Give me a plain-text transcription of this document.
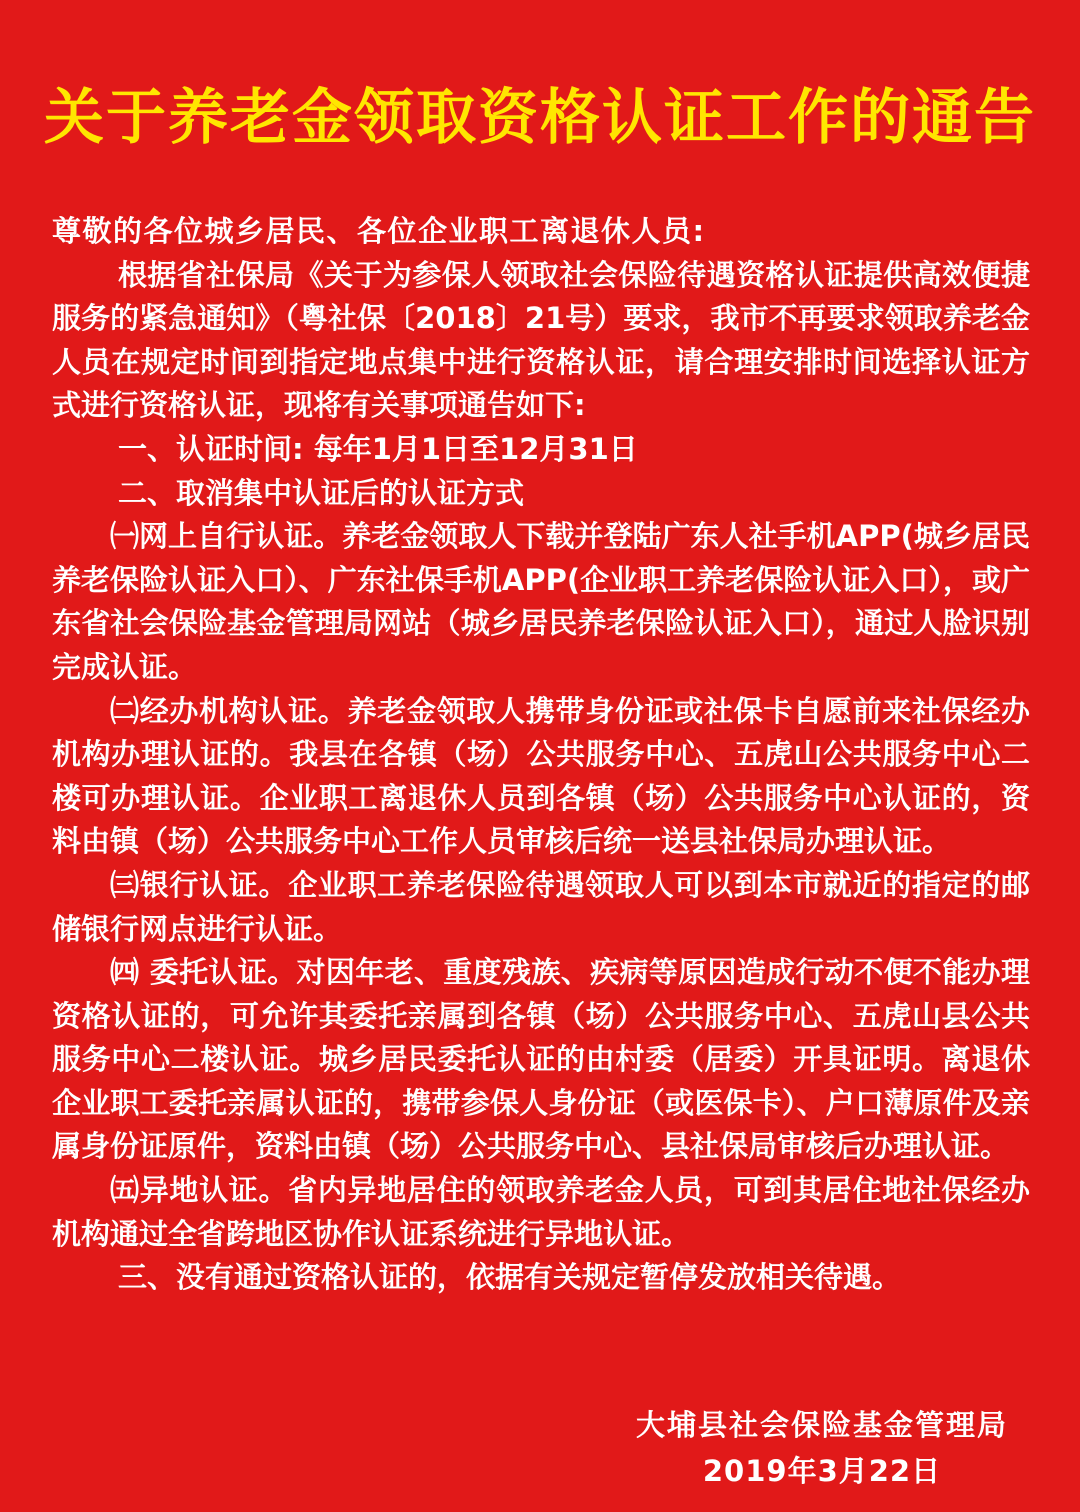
关于养老金领取资格认证工作的通告

尊敬的各位城乡居民、各位企业职工离退休人员:

根据省社保局《关于为参保人领取社会保险待遇资格认证提供高效便捷服务的紧急通知》（粤社保〔2018〕21号）要求，我市不再要求领取养老金人员在规定时间到指定地点集中进行资格认证，请合理安排时间选择认证方式进行资格认证，现将有关事项通告如下:

一、认证时间: 每年1月1日至12月31日

二、取消集中认证后的认证方式

㈠网上自行认证。养老金领取人下载并登陆广东人社手机APP(城乡居民养老保险认证入口）、广东社保手机APP(企业职工养老保险认证入口），或广东省社会保险基金管理局网站（城乡居民养老保险认证入口），通过人脸识别完成认证。

㈡经办机构认证。养老金领取人携带身份证或社保卡自愿前来社保经办机构办理认证的。我县在各镇（场）公共服务中心、五虎山公共服务中心二楼可办理认证。企业职工离退休人员到各镇（场）公共服务中心认证的，资料由镇（场）公共服务中心工作人员审核后统一送县社保局办理认证。

㈢银行认证。企业职工养老保险待遇领取人可以到本市就近的指定的邮储银行网点进行认证。

㈣ 委托认证。对因年老、重度残族、疾病等原因造成行动不便不能办理资格认证的，可允许其委托亲属到各镇（场）公共服务中心、五虎山县公共服务中心二楼认证。城乡居民委托认证的由村委（居委）开具证明。离退休企业职工委托亲属认证的，携带参保人身份证（或医保卡）、户口薄原件及亲属身份证原件，资料由镇（场）公共服务中心、县社保局审核后办理认证。

㈤异地认证。省内异地居住的领取养老金人员，可到其居住地社保经办机构通过全省跨地区协作认证系统进行异地认证。

三、没有通过资格认证的，依据有关规定暂停发放相关待遇。

大埔县社会保险基金管理局
2019年3月22日
